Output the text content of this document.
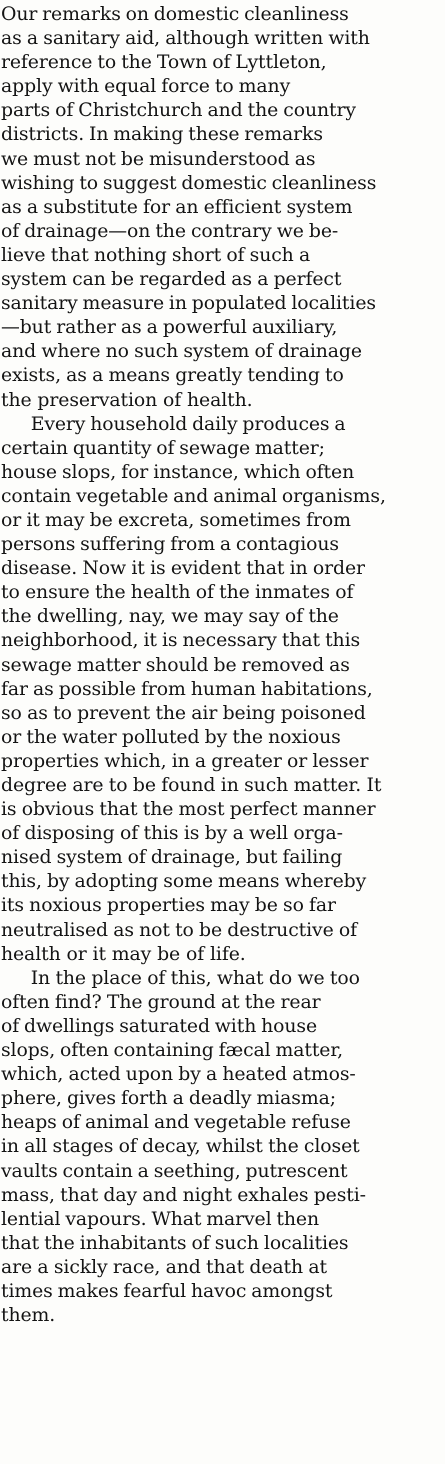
Our remarks on domestic cleanliness
as a sanitary aid, although written with
reference to the Town of Lyttleton,
apply with equal force to many
parts of Christchurch and the country
districts. In making these remarks
we must not be misunderstood as
wishing to suggest domestic cleanliness
as a substitute for an efficient system
of drainage—on the contrary we be-
lieve that nothing short of such a
system can be regarded as a perfect
sanitary measure in populated localities
—but rather as a powerful auxiliary,
and where no such system of drainage
exists, as a means greatly tending to
the preservation of health.
Every household daily produces a
certain quantity of sewage matter;
house slops, for instance, which often
contain vegetable and animal organisms,
or it may be excreta, sometimes from
persons suffering from a contagious
disease. Now it is evident that in order
to ensure the health of the inmates of
the dwelling, nay, we may say of the
neighborhood, it is necessary that this
sewage matter should be removed as
far as possible from human habitations,
so as to prevent the air being poisoned
or the water polluted by the noxious
properties which, in a greater or lesser
degree are to be found in such matter. It
is obvious that the most perfect manner
of disposing of this is by a well orga-
nised system of drainage, but failing
this, by adopting some means whereby
its noxious properties may be so far
neutralised as not to be destructive of
health or it may be of life.
In the place of this, what do we too
often find? The ground at the rear
of dwellings saturated with house
slops, often containing fæcal matter,
which, acted upon by a heated atmos-
phere, gives forth a deadly miasma;
heaps of animal and vegetable refuse
in all stages of decay, whilst the closet
vaults contain a seething, putrescent
mass, that day and night exhales pesti-
lential vapours. What marvel then
that the inhabitants of such localities
are a sickly race, and that death at
times makes fearful havoc amongst
them.
